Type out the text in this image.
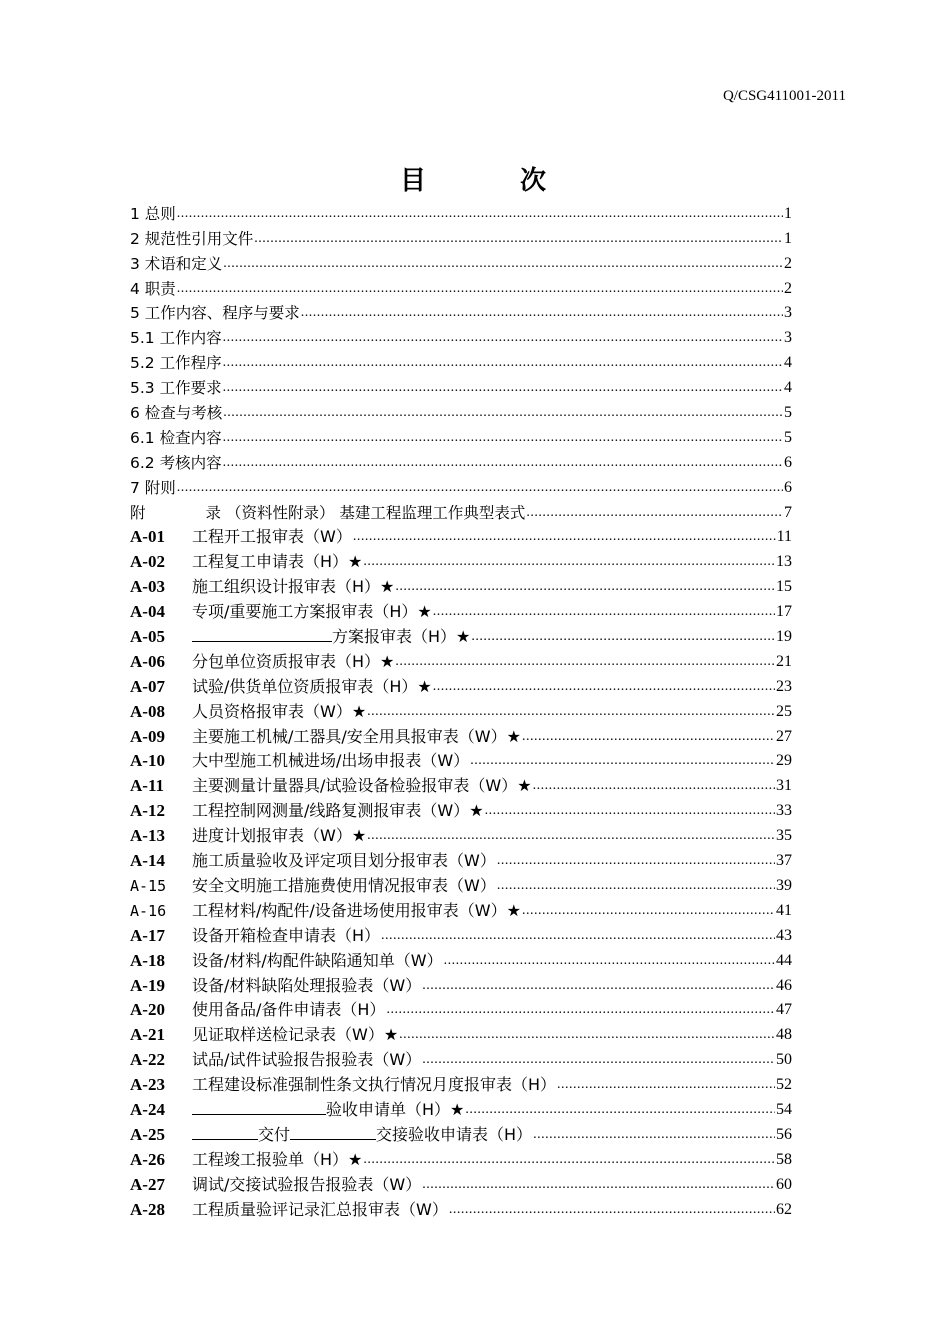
Q/CSG411001-2011
目　次
1 总则 .....	1
2 规范性引用文件 .....	1
3 术语和定义 .....	2
4 职责 .....	2
5 工作内容、程序与要求 .....	3
5.1 工作内容 .....	3
5.2 工作程序 .....	4
5.3 工作要求 .....	4
6 检查与考核 .....	5
6.1 检查内容 .....	5
6.2 考核内容 .....	6
7 附则 .....	6
附	录 （资料性附录） 基建工程监理工作典型表式 .....	7
A-01	工程开工报审表（W） .....	11
A-02	工程复工申请表（H）★ .....	13
A-03	施工组织设计报审表（H）★ .....	15
A-04	专项/重要施工方案报审表（H）★ .....	17
A-05	方案报审表（H）★ .....	19
A-06	分包单位资质报审表（H）★ .....	21
A-07	试验/供货单位资质报审表（H）★ .....	23
A-08	人员资格报审表（W）★ .....	25
A-09	主要施工机械/工器具/安全用具报审表（W）★ .....	27
A-10	大中型施工机械进场/出场申报表（W） .....	29
A-11	主要测量计量器具/试验设备检验报审表（W）★ .....	31
A-12	工程控制网测量/线路复测报审表（W）★ .....	33
A-13	进度计划报审表（W）★ .....	35
A-14	施工质量验收及评定项目划分报审表（W） .....	37
A-15	安全文明施工措施费使用情况报审表（W） .....	39
A-16	工程材料/构配件/设备进场使用报审表（W）★ .....	41
A-17	设备开箱检查申请表（H） .....	43
A-18	设备/材料/构配件缺陷通知单（W） .....	44
A-19	设备/材料缺陷处理报验表（W） .....	46
A-20	使用备品/备件申请表（H） .....	47
A-21	见证取样送检记录表（W）★ .....	48
A-22	试品/试件试验报告报验表（W） .....	50
A-23	工程建设标准强制性条文执行情况月度报审表（H） .....	52
A-24	验收申请单（H）★ .....	54
A-25	交付	交接验收申请表（H） .....	56
A-26	工程竣工报验单（H）★ .....	58
A-27	调试/交接试验报告报验表（W） .....	60
A-28	工程质量验评记录汇总报审表（W） .....	62
